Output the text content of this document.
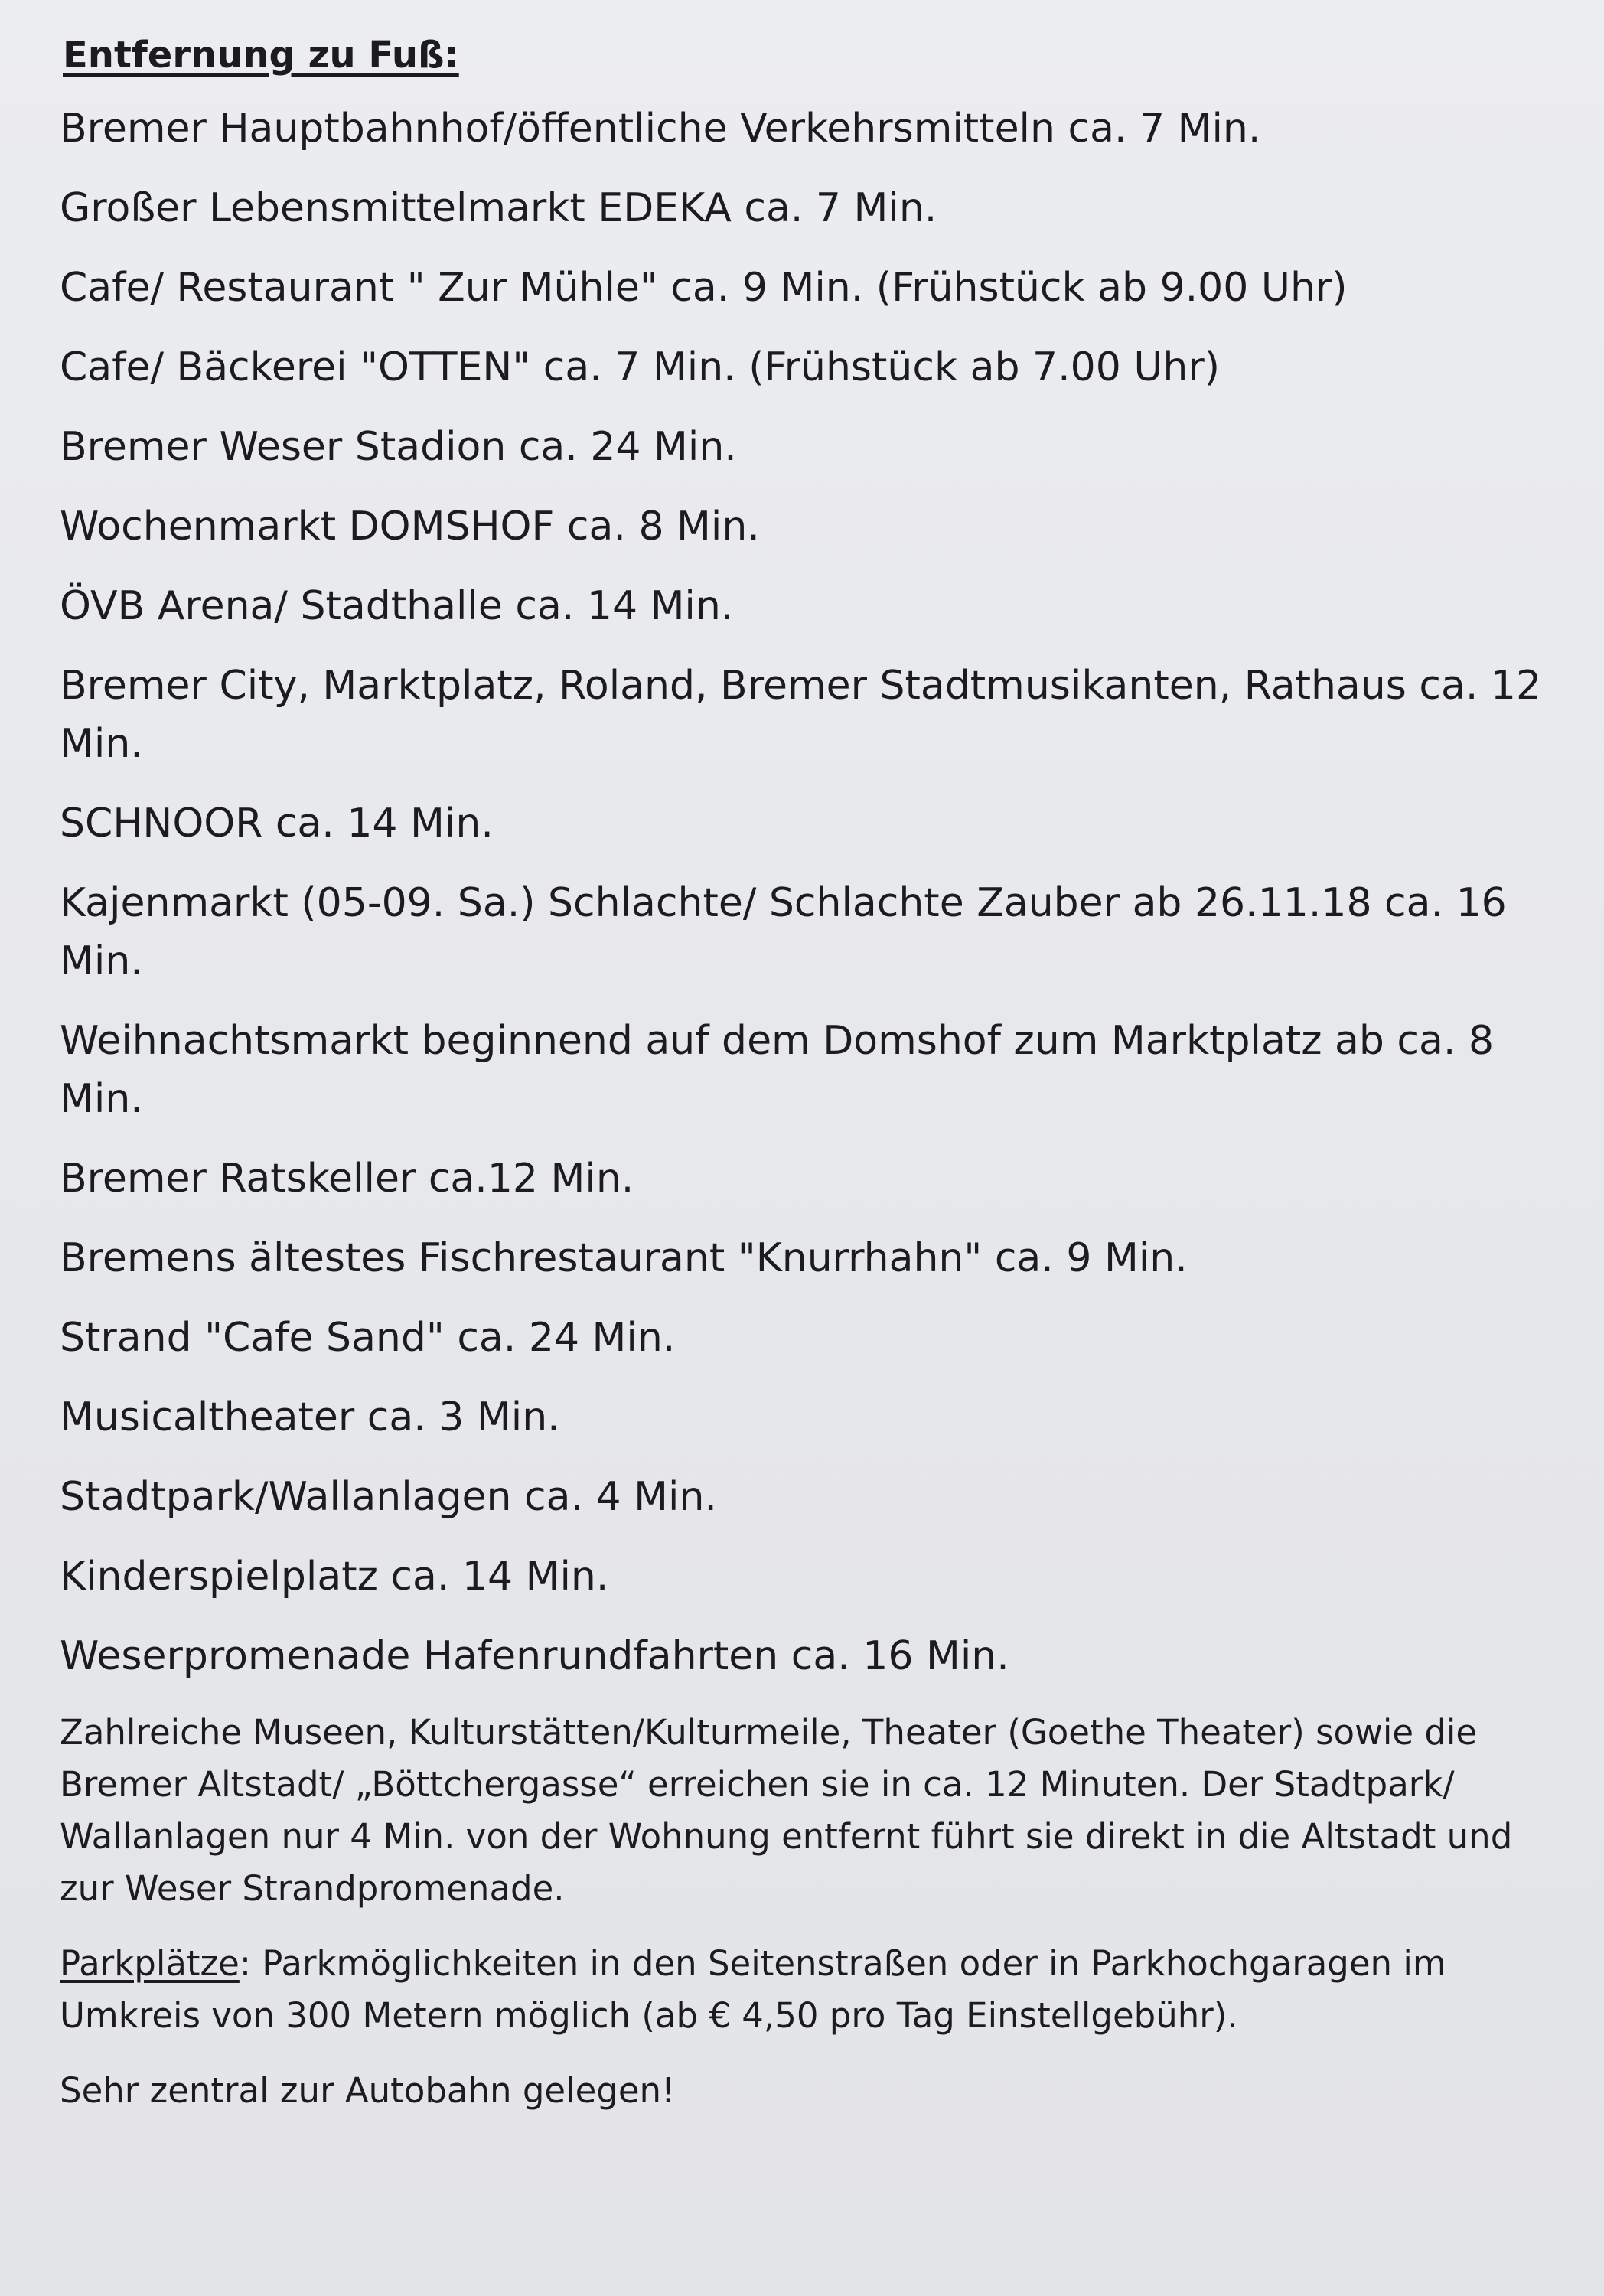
Entfernung zu Fuß:
Bremer Hauptbahnhof/öffentliche Verkehrsmitteln ca. 7 Min.
Großer Lebensmittelmarkt EDEKA ca. 7 Min.
Cafe/ Restaurant " Zur Mühle" ca. 9 Min. (Frühstück ab 9.00 Uhr)
Cafe/ Bäckerei "OTTEN" ca. 7 Min. (Frühstück ab 7.00 Uhr)
Bremer Weser Stadion ca. 24 Min.
Wochenmarkt DOMSHOF ca. 8 Min.
ÖVB Arena/ Stadthalle ca. 14 Min.
Bremer City, Marktplatz, Roland, Bremer Stadtmusikanten, Rathaus ca. 12 Min.
SCHNOOR ca. 14 Min.
Kajenmarkt (05-09. Sa.) Schlachte/ Schlachte Zauber ab 26.11.18 ca. 16 Min.
Weihnachtsmarkt beginnend auf dem Domshof zum Marktplatz ab ca. 8 Min.
Bremer Ratskeller ca.12 Min.
Bremens ältestes Fischrestaurant "Knurrhahn" ca. 9 Min.
Strand "Cafe Sand" ca. 24 Min.
Musicaltheater ca. 3 Min.
Stadtpark/Wallanlagen ca. 4 Min.
Kinderspielplatz ca. 14 Min.
Weserpromenade Hafenrundfahrten ca. 16 Min.

Zahlreiche Museen, Kulturstätten/Kulturmeile, Theater (Goethe Theater) sowie die Bremer Altstadt/ „Böttchergasse“ erreichen sie in ca. 12 Minuten. Der Stadtpark/ Wallanlagen nur 4 Min. von der Wohnung entfernt führt sie direkt in die Altstadt und zur Weser Strandpromenade.

Parkplätze: Parkmöglichkeiten in den Seitenstraßen oder in Parkhochgaragen im Umkreis von 300 Metern möglich (ab € 4,50 pro Tag Einstellgebühr).

Sehr zentral zur Autobahn gelegen!
